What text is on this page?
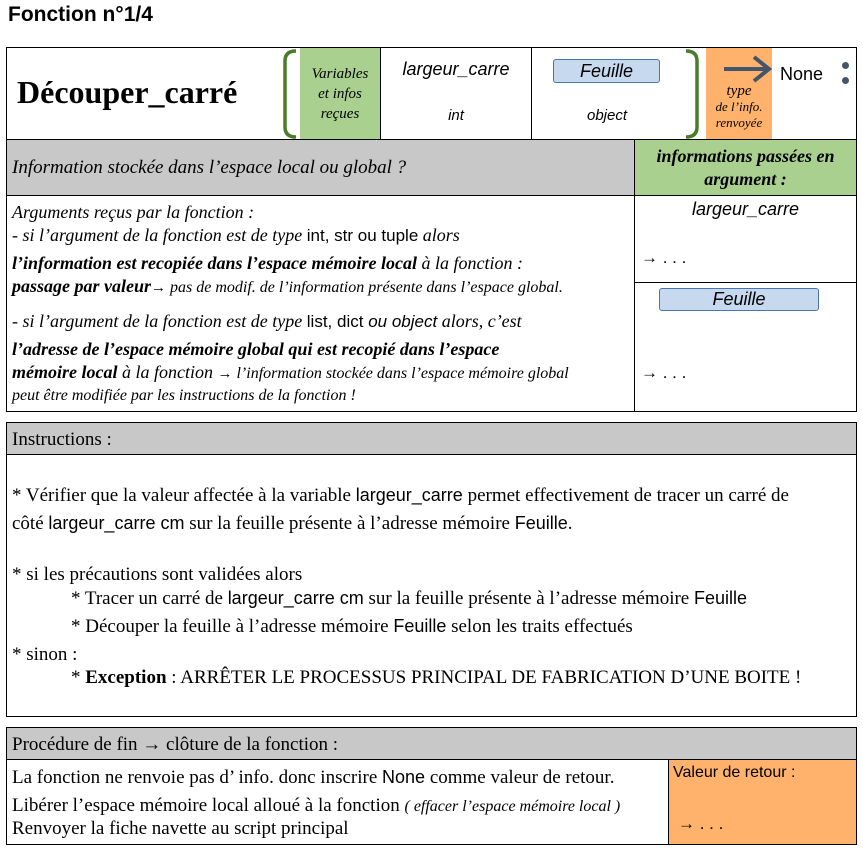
Fonction n°1/4
Découper_carré	Variables
et infos
reçues
largeur_carre
int
Feuille
object
type
de l’info.
renvoyée
None
Information stockée dans l’espace local ou global ?
informations passées en
argument :
Arguments reçus par la fonction :
- si l’argument de la fonction est de type int, str ou tuple alors
l’information est recopiée dans l’espace mémoire local à la fonction :
passage par valeur→ pas de modif. de l’information présente dans l’espace global.
- si l’argument de la fonction est de type list, dict ou object alors, c’est
l’adresse de l’espace mémoire global qui est recopié dans l’espace
mémoire local à la fonction → l’information stockée dans l’espace mémoire global
peut être modifiée par les instructions de la fonction !
largeur_carre
→ . . .
Feuille
→ . . .
Instructions :
* Vérifier que la valeur affectée à la variable largeur_carre permet effectivement de tracer un carré de
côté largeur_carre cm sur la feuille présente à l’adresse mémoire Feuille.
* si les précautions sont validées alors
* Tracer un carré de largeur_carre cm sur la feuille présente à l’adresse mémoire Feuille
* Découper la feuille à l’adresse mémoire Feuille selon les traits effectués
* sinon :
* Exception : ARRÊTER LE PROCESSUS PRINCIPAL DE FABRICATION D’UNE BOITE !
Procédure de fin → clôture de la fonction :
La fonction ne renvoie pas d’ info. donc inscrire None comme valeur de retour.
Libérer l’espace mémoire local alloué à la fonction ( effacer l’espace mémoire local )
Renvoyer la fiche navette au script principal
Valeur de retour :
→ . . .
